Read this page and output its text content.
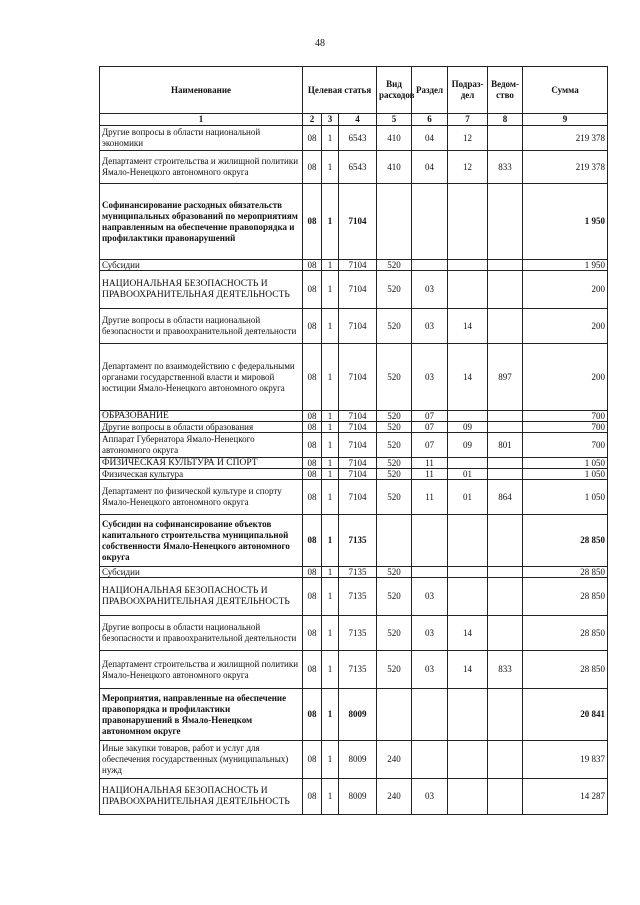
48
Наименование	Целевая статья			Вид расходов	Раздел	Подраз-дел	Ведом-ство	Сумма
1	2	3	4	5	6	7	8	9
Другие вопросы в области национальной экономики	08	1	6543	410	04	12		219 378
Департамент строительства и жилищной политики Ямало-Ненецкого автономного округа	08	1	6543	410	04	12	833	219 378
Софинансирование расходных обязательств муниципальных образований по мероприятиям направленным на обеспечение правопорядка и профилактики правонарушений	08	1	7104					1 950
Субсидии	08	1	7104	520				1 950
НАЦИОНАЛЬНАЯ БЕЗОПАСНОСТЬ И ПРАВООХРАНИТЕЛЬНАЯ ДЕЯТЕЛЬНОСТЬ	08	1	7104	520	03			200
Другие вопросы в области национальной безопасности и правоохранительной деятельности	08	1	7104	520	03	14		200
Департамент по взаимодействию с федеральными органами государственной власти и мировой юстиции Ямало-Ненецкого автономного округа	08	1	7104	520	03	14	897	200
ОБРАЗОВАНИЕ	08	1	7104	520	07			700
Другие вопросы в области образования	08	1	7104	520	07	09		700
Аппарат Губернатора Ямало-Ненецкого автономного округа	08	1	7104	520	07	09	801	700
ФИЗИЧЕСКАЯ КУЛЬТУРА И СПОРТ	08	1	7104	520	11			1 050
Физическая культура	08	1	7104	520	11	01		1 050
Департамент по физической культуре и спорту Ямало-Ненецкого автономного округа	08	1	7104	520	11	01	864	1 050
Субсидии на софинансирование объектов капитального строительства муниципальной собственности Ямало-Ненецкого автономного округа	08	1	7135					28 850
Субсидии	08	1	7135	520				28 850
НАЦИОНАЛЬНАЯ БЕЗОПАСНОСТЬ И ПРАВООХРАНИТЕЛЬНАЯ ДЕЯТЕЛЬНОСТЬ	08	1	7135	520	03			28 850
Другие вопросы в области национальной безопасности и правоохранительной деятельности	08	1	7135	520	03	14		28 850
Департамент строительства и жилищной политики Ямало-Ненецкого автономного округа	08	1	7135	520	03	14	833	28 850
Мероприятия, направленные на обеспечение правопорядка и профилактики правонарушений в Ямало-Ненецком автономном округе	08	1	8009					20 841
Иные закупки товаров, работ и услуг для обеспечения государственных (муниципальных) нужд	08	1	8009	240				19 837
НАЦИОНАЛЬНАЯ БЕЗОПАСНОСТЬ И ПРАВООХРАНИТЕЛЬНАЯ ДЕЯТЕЛЬНОСТЬ	08	1	8009	240	03			14 287
